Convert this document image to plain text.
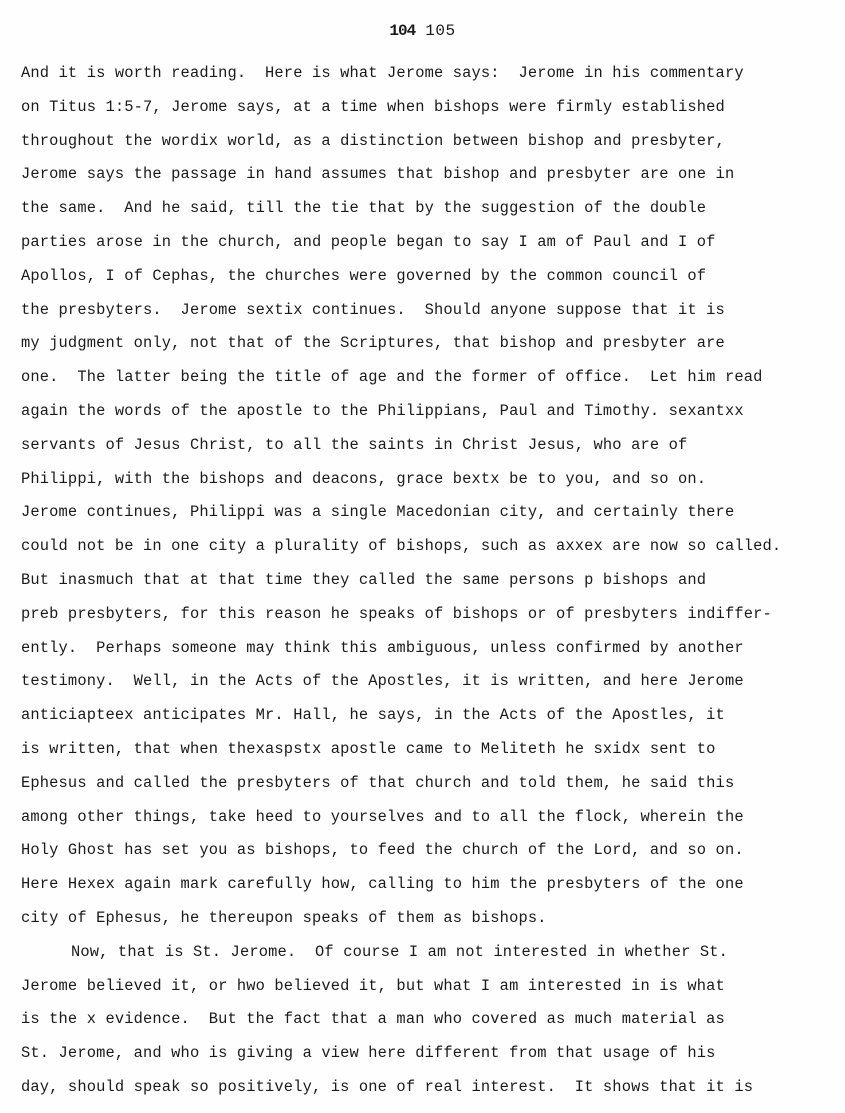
104 105
And it is worth reading.  Here is what Jerome says:  Jerome in his commentary
on Titus 1:5-7, Jerome says, at a time when bishops were firmly established
throughout the wordix world, as a distinction between bishop and presbyter,
Jerome says the passage in hand assumes that bishop and presbyter are one in
the same.  And he said, till the tie that by the suggestion of the double
parties arose in the church, and people began to say I am of Paul and I of
Apollos, I of Cephas, the churches were governed by the common council of
the presbyters.  Jerome sextix continues.  Should anyone suppose that it is
my judgment only, not that of the Scriptures, that bishop and presbyter are
one.  The latter being the title of age and the former of office.  Let him read
again the words of the apostle to the Philippians, Paul and Timothy. sexantxx
servants of Jesus Christ, to all the saints in Christ Jesus, who are of
Philippi, with the bishops and deacons, grace bextx be to you, and so on.
Jerome continues, Philippi was a single Macedonian city, and certainly there
could not be in one city a plurality of bishops, such as axxex are now so called.
But inasmuch that at that time they called the same persons p bishops and
preb presbyters, for this reason he speaks of bishops or of presbyters indiffer-
ently.  Perhaps someone may think this ambiguous, unless confirmed by another
testimony.  Well, in the Acts of the Apostles, it is written, and here Jerome
anticiapteex anticipates Mr. Hall, he says, in the Acts of the Apostles, it
is written, that when thexaspstx apostle came to Meliteth he sxidx sent to
Ephesus and called the presbyters of that church and told them, he said this
among other things, take heed to yourselves and to all the flock, wherein the
Holy Ghost has set you as bishops, to feed the church of the Lord, and so on.
Here Hexex again mark carefully how, calling to him the presbyters of the one
city of Ephesus, he thereupon speaks of them as bishops.
Now, that is St. Jerome.  Of course I am not interested in whether St.
Jerome believed it, or hwo believed it, but what I am interested in is what
is the x evidence.  But the fact that a man who covered as much material as
St. Jerome, and who is giving a view here different from that usage of his
day, should speak so positively, is one of real interest.  It shows that it is
